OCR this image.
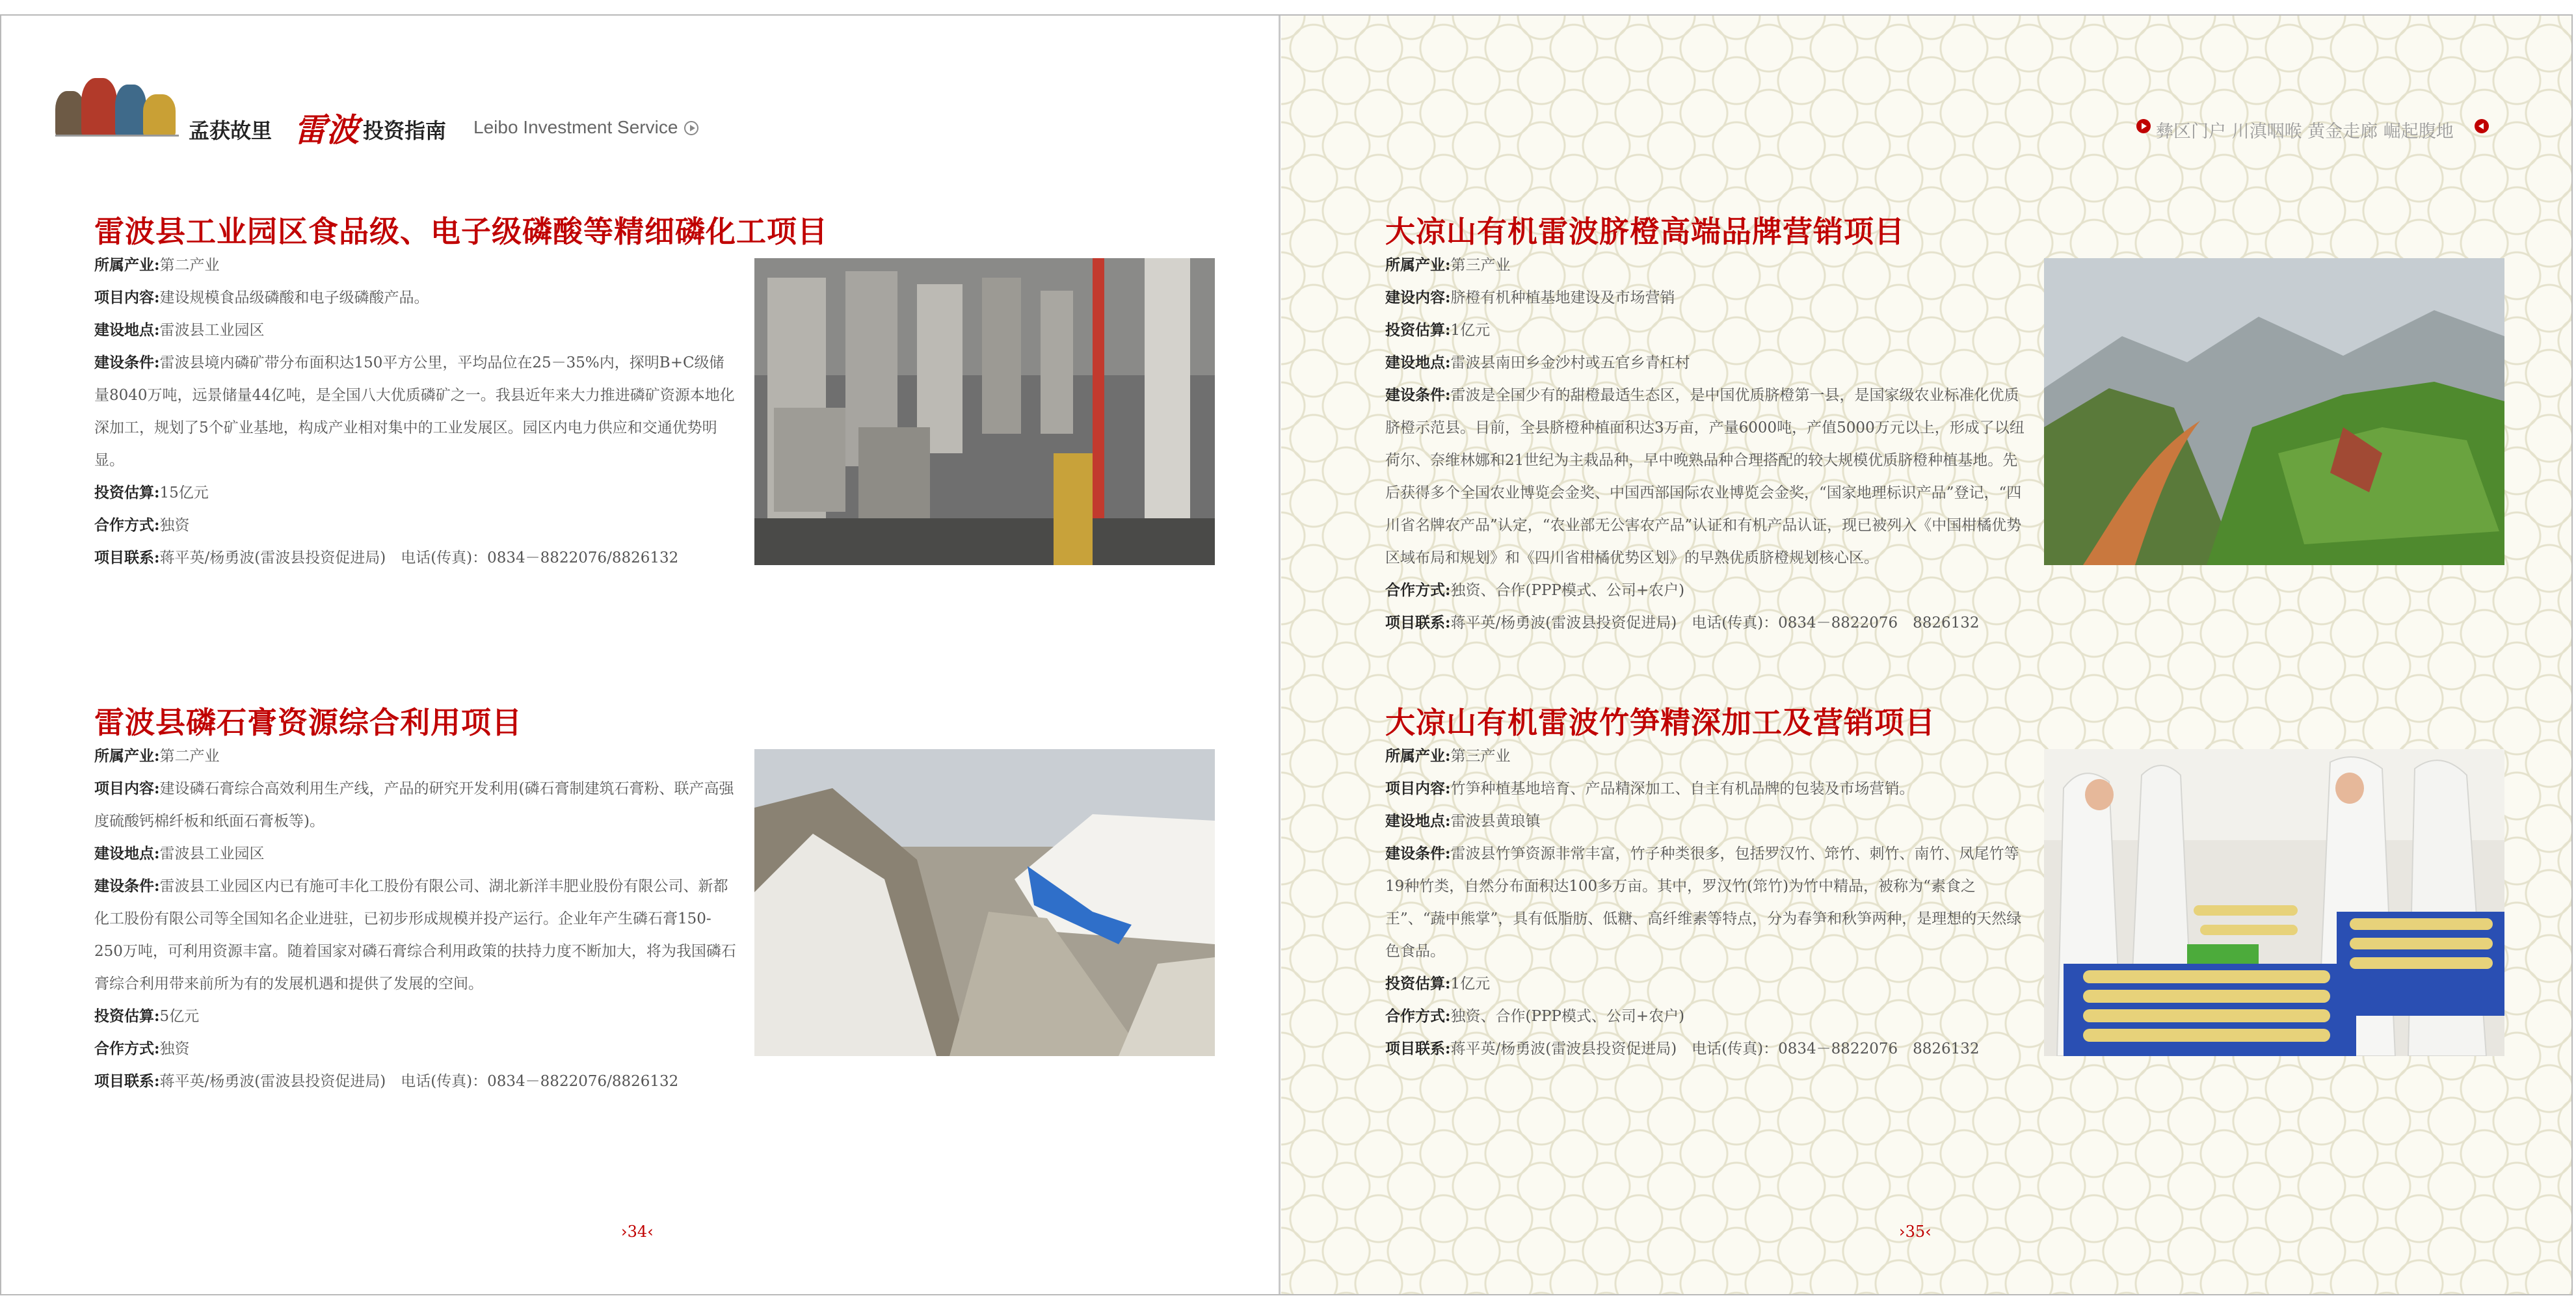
孟获故里 雷波 投资指南 Leibo Investment Service	彝区门户 川滇咽喉 黄金走廊 崛起腹地
雷波县工业园区食品级、电子级磷酸等精细磷化工项目
所属产业:第二产业
项目内容:建设规模食品级磷酸和电子级磷酸产品。
建设地点:雷波县工业园区
建设条件:雷波县境内磷矿带分布面积达150平方公里，平均品位在25－35%内，探明B+C级储量8040万吨，远景储量44亿吨，是全国八大优质磷矿之一。我县近年来大力推进磷矿资源本地化深加工，规划了5个矿业基地，构成产业相对集中的工业发展区。园区内电力供应和交通优势明显。
投资估算:15亿元
合作方式:独资
项目联系:蒋平英/杨勇波(雷波县投资促进局)　电话(传真)：0834－8822076/8826132
雷波县磷石膏资源综合利用项目
所属产业:第二产业
项目内容:建设磷石膏综合高效利用生产线，产品的研究开发利用(磷石膏制建筑石膏粉、联产高强度硫酸钙棉纤板和纸面石膏板等)。
建设地点:雷波县工业园区
建设条件:雷波县工业园区内已有施可丰化工股份有限公司、湖北新洋丰肥业股份有限公司、新都化工股份有限公司等全国知名企业进驻，已初步形成规模并投产运行。企业年产生磷石膏150-250万吨，可利用资源丰富。随着国家对磷石膏综合利用政策的扶持力度不断加大，将为我国磷石膏综合利用带来前所为有的发展机遇和提供了发展的空间。
投资估算:5亿元
合作方式:独资
项目联系:蒋平英/杨勇波(雷波县投资促进局)　电话(传真)：0834－8822076/8826132
大凉山有机雷波脐橙高端品牌营销项目
所属产业:第三产业
建设内容:脐橙有机种植基地建设及市场营销
投资估算:1亿元
建设地点:雷波县南田乡金沙村或五官乡青杠村
建设条件:雷波是全国少有的甜橙最适生态区，是中国优质脐橙第一县，是国家级农业标准化优质脐橙示范县。目前，全县脐橙种植面积达3万亩，产量6000吨，产值5000万元以上，形成了以纽荷尔、奈维林娜和21世纪为主栽品种，早中晚熟品种合理搭配的较大规模优质脐橙种植基地。先后获得多个全国农业博览会金奖、中国西部国际农业博览会金奖，“国家地理标识产品”登记，“四川省名牌农产品”认定，“农业部无公害农产品”认证和有机产品认证，现已被列入《中国柑橘优势区域布局和规划》和《四川省柑橘优势区划》的早熟优质脐橙规划核心区。
合作方式:独资、合作(PPP模式、公司+农户)
项目联系:蒋平英/杨勇波(雷波县投资促进局)　电话(传真)：0834－8822076　8826132
大凉山有机雷波竹笋精深加工及营销项目
所属产业:第三产业
项目内容:竹笋种植基地培育、产品精深加工、自主有机品牌的包装及市场营销。
建设地点:雷波县黄琅镇
建设条件:雷波县竹笋资源非常丰富，竹子种类很多，包括罗汉竹、筇竹、刺竹、南竹、凤尾竹等19种竹类，自然分布面积达100多万亩。其中，罗汉竹(筇竹)为竹中精品，被称为“素食之王”、“蔬中熊掌”，具有低脂肪、低糖、高纤维素等特点，分为春笋和秋笋两种，是理想的天然绿色食品。
投资估算:1亿元
合作方式:独资、合作(PPP模式、公司+农户)
项目联系:蒋平英/杨勇波(雷波县投资促进局)　电话(传真)：0834－8822076　8826132
›34‹	›35‹
